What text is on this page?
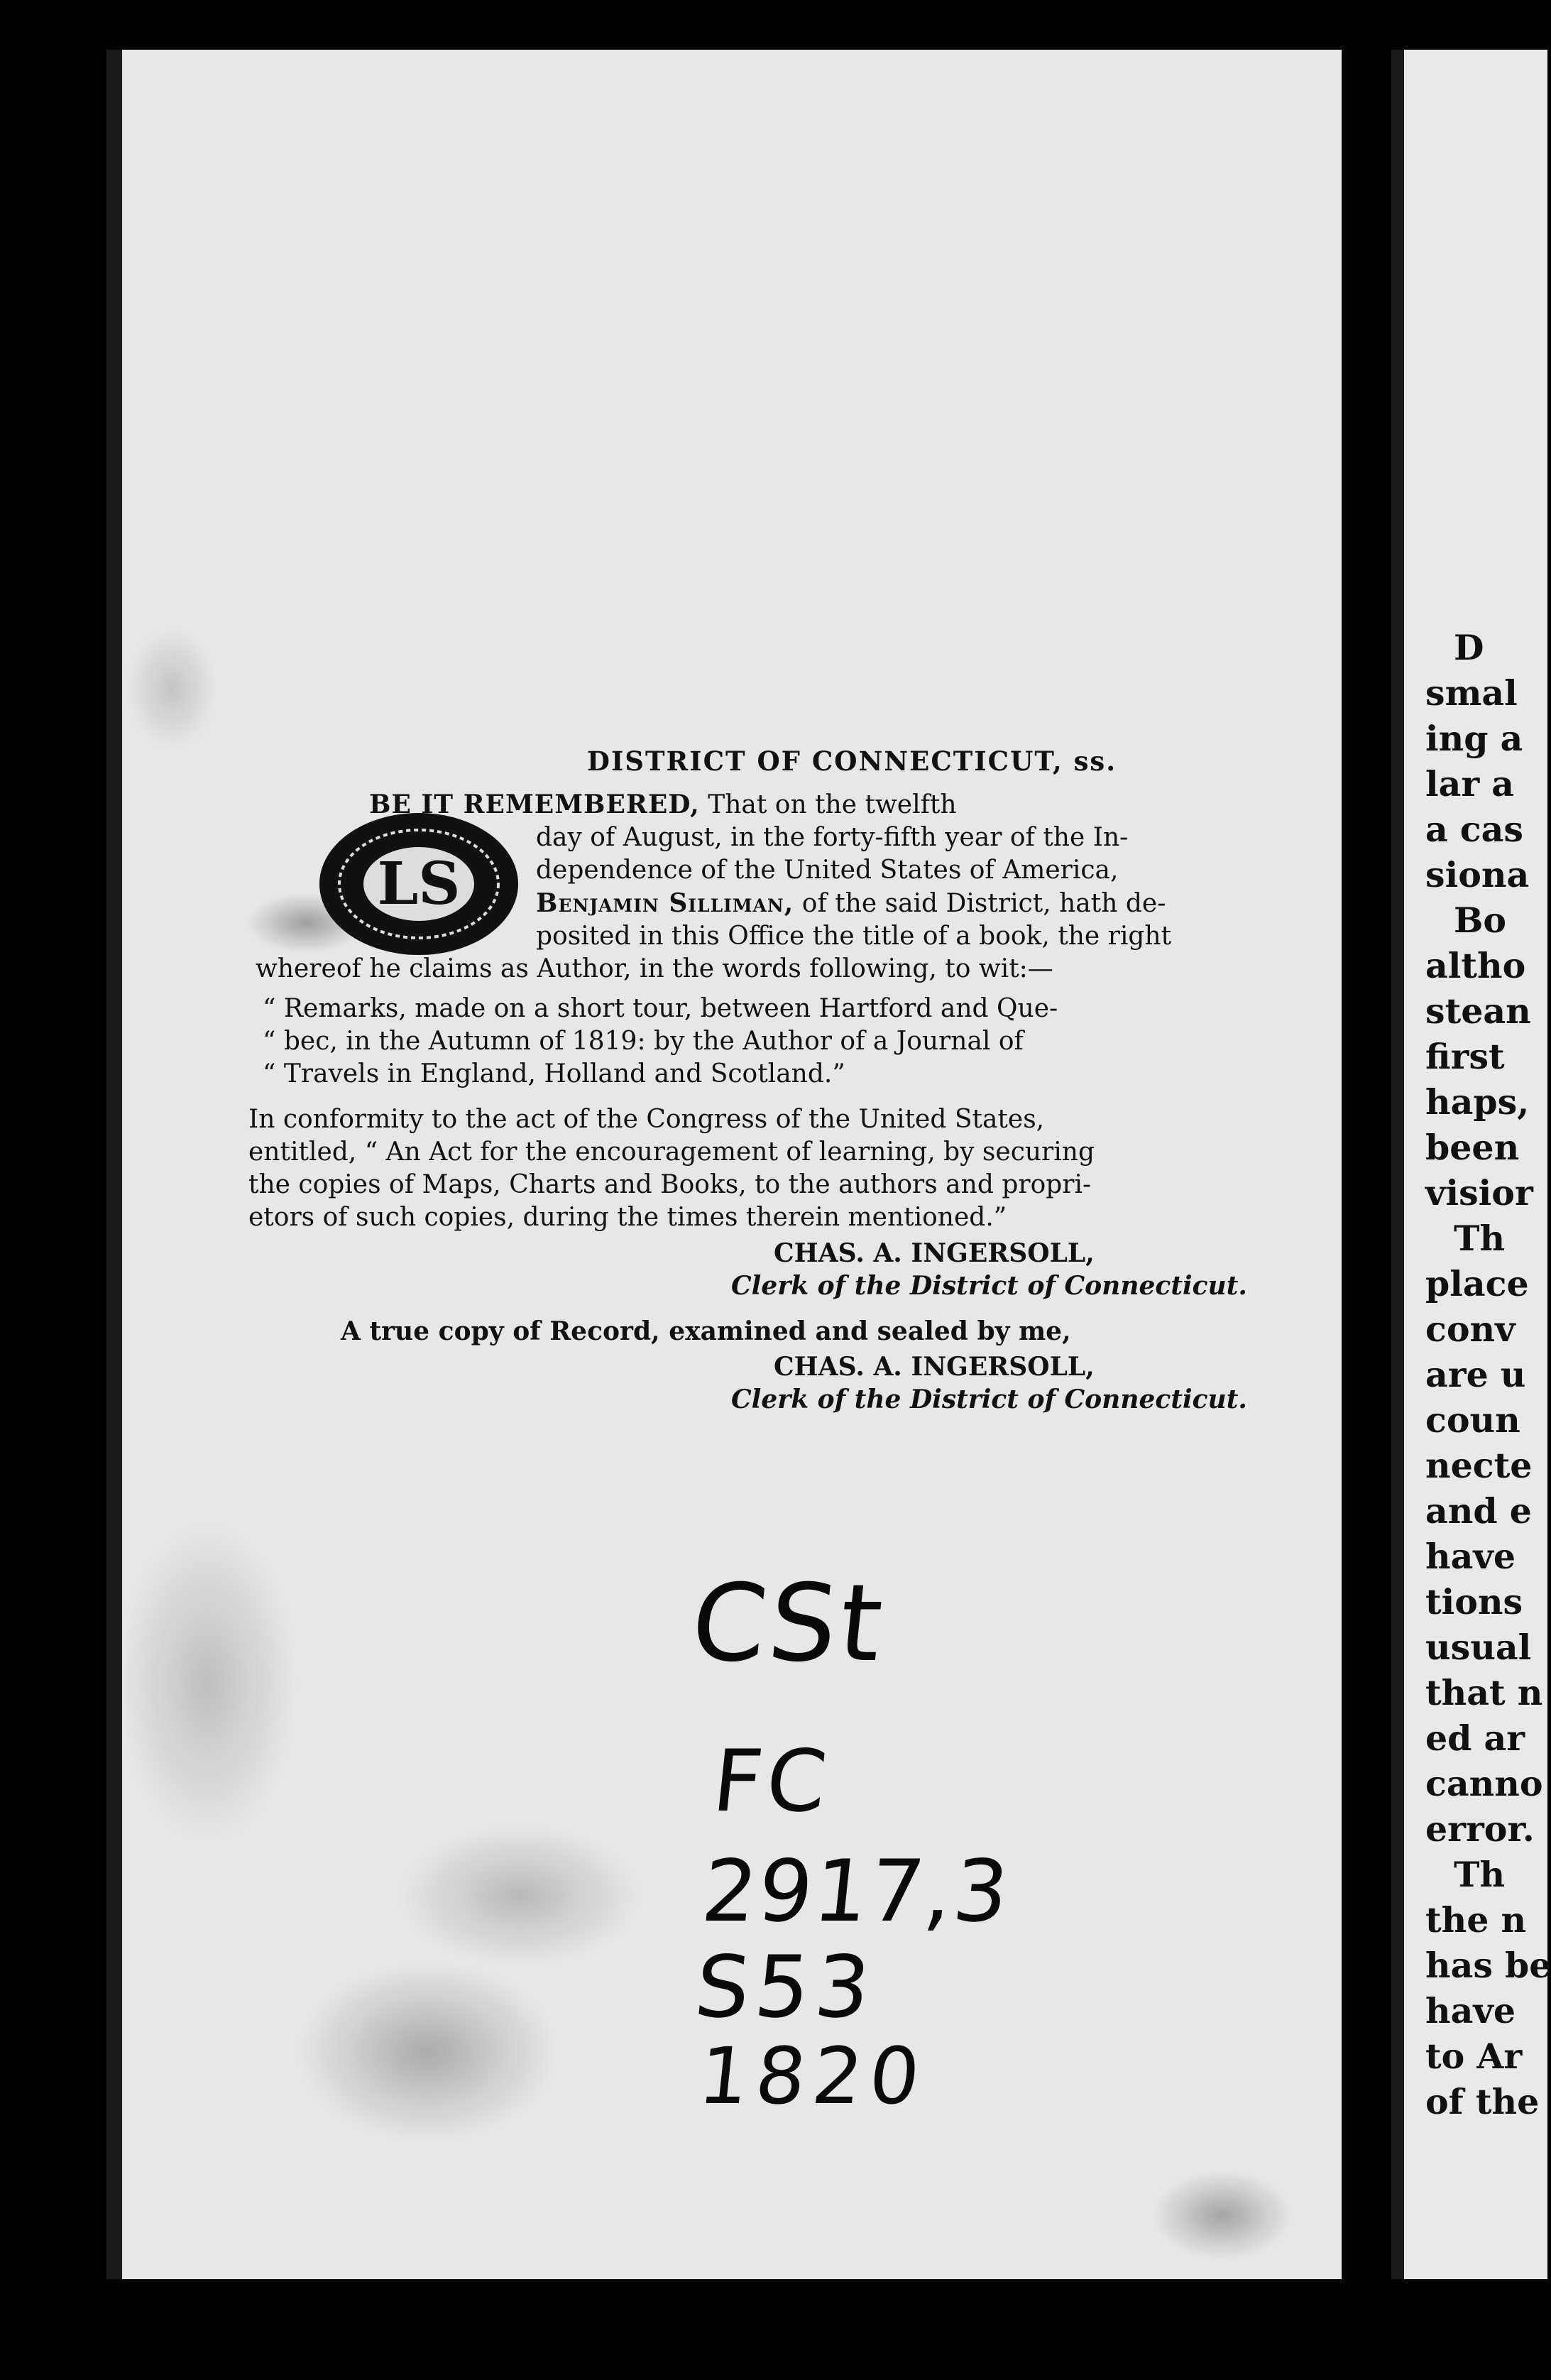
D
smal
ing a
lar a
a cas
siona
Bo
altho
stean
first
haps,
been
visior
Th
place
conv
are u
coun
necte
and e
have
tions
usual
that n
ed ar
canno
error.
Th
the n
has be
have
to Ar
of the
LS
DISTRICT OF CONNECTICUT, ss.
BE IT REMEMBERED, That on the twelfth
day of August, in the forty-fifth year of the In-
dependence of the United States of America,
Benjamin Silliman, of the said District, hath de-
posited in this Office the title of a book, the right
whereof he claims as Author, in the words following, to wit:—
“ Remarks, made on a short tour, between Hartford and Que-
“ bec, in the Autumn of 1819: by the Author of a Journal of
“ Travels in England, Holland and Scotland.”
In conformity to the act of the Congress of the United States,
entitled, “ An Act for the encouragement of learning, by securing
the copies of Maps, Charts and Books, to the authors and propri-
etors of such copies, during the times therein mentioned.”
CHAS. A. INGERSOLL,
Clerk of the District of Connecticut.
A true copy of Record, examined and sealed by me,
CHAS. A. INGERSOLL,
Clerk of the District of Connecticut.
CSt
FC
2917,3
S53
1820
